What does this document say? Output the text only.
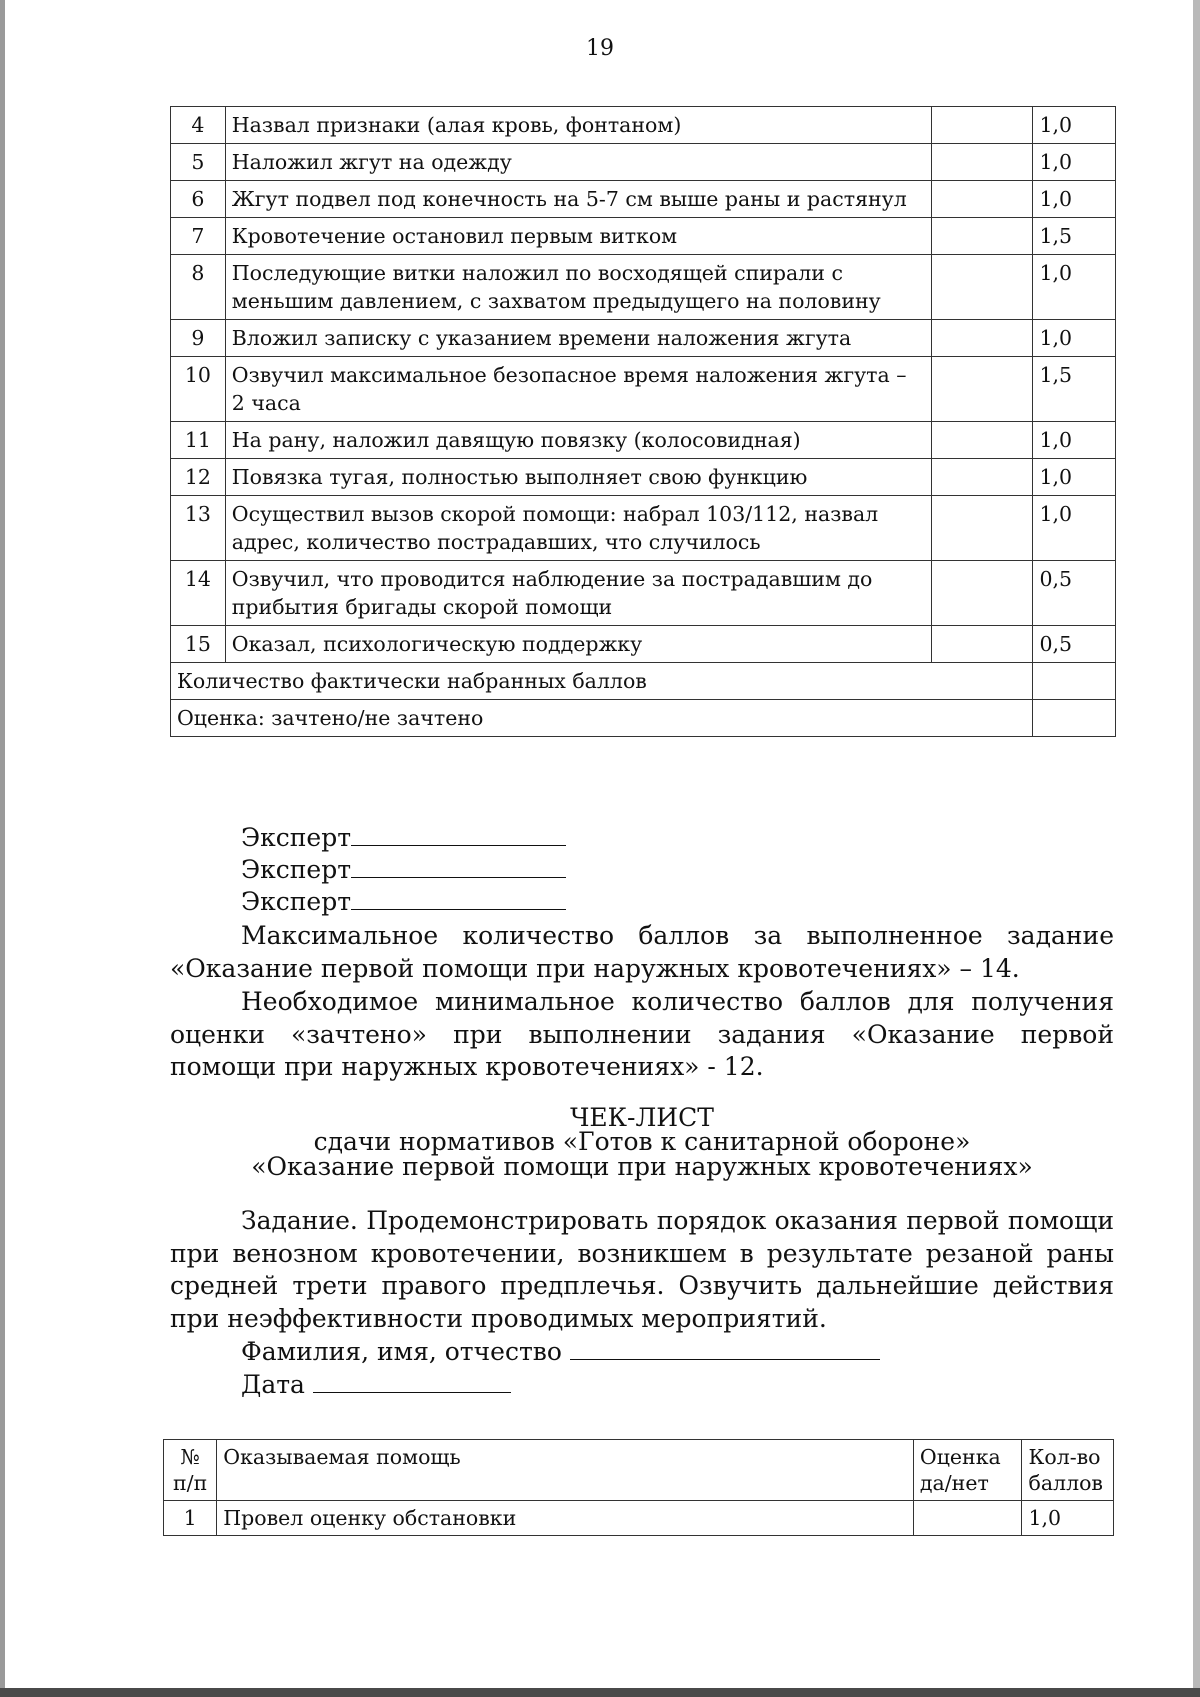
19
4	Назвал признаки (алая кровь, фонтаном)		1,0
5	Наложил жгут на одежду		1,0
6	Жгут подвел под конечность на 5-7 см выше раны и растянул		1,0
7	Кровотечение остановил первым витком		1,5
8	Последующие витки наложил по восходящей спирали с меньшим давлением, с захватом предыдущего на половину		1,0
9	Вложил записку с указанием времени наложения жгута		1,0
10	Озвучил максимальное безопасное время наложения жгута – 2 часа		1,5
11	На рану, наложил давящую повязку (колосовидная)		1,0
12	Повязка тугая, полностью выполняет свою функцию		1,0
13	Осуществил вызов скорой помощи: набрал 103/112, назвал адрес, количество пострадавших, что случилось		1,0
14	Озвучил, что проводится наблюдение за пострадавшим до прибытия бригады скорой помощи		0,5
15	Оказал, психологическую поддержку		0,5
Количество фактически набранных баллов			
Оценка: зачтено/не зачтено			
Эксперт
Эксперт
Эксперт
Максимальное количество баллов за выполненное задание «Оказание первой помощи при наружных кровотечениях» – 14.
Необходимое минимальное количество баллов для получения оценки «зачтено» при выполнении задания «Оказание первой помощи при наружных кровотечениях» - 12.
ЧЕК-ЛИСТ
сдачи нормативов «Готов к санитарной обороне»
«Оказание первой помощи при наружных кровотечениях»
Задание. Продемонстрировать порядок оказания первой помощи при венозном кровотечении, возникшем в результате резаной раны средней трети правого предплечья. Озвучить дальнейшие действия при неэффективности проводимых мероприятий.
Фамилия, имя, отчество
Дата
№ п/п	Оказываемая помощь	Оценка да/нет	Кол-во баллов
1	Провел оценку обстановки		1,0
